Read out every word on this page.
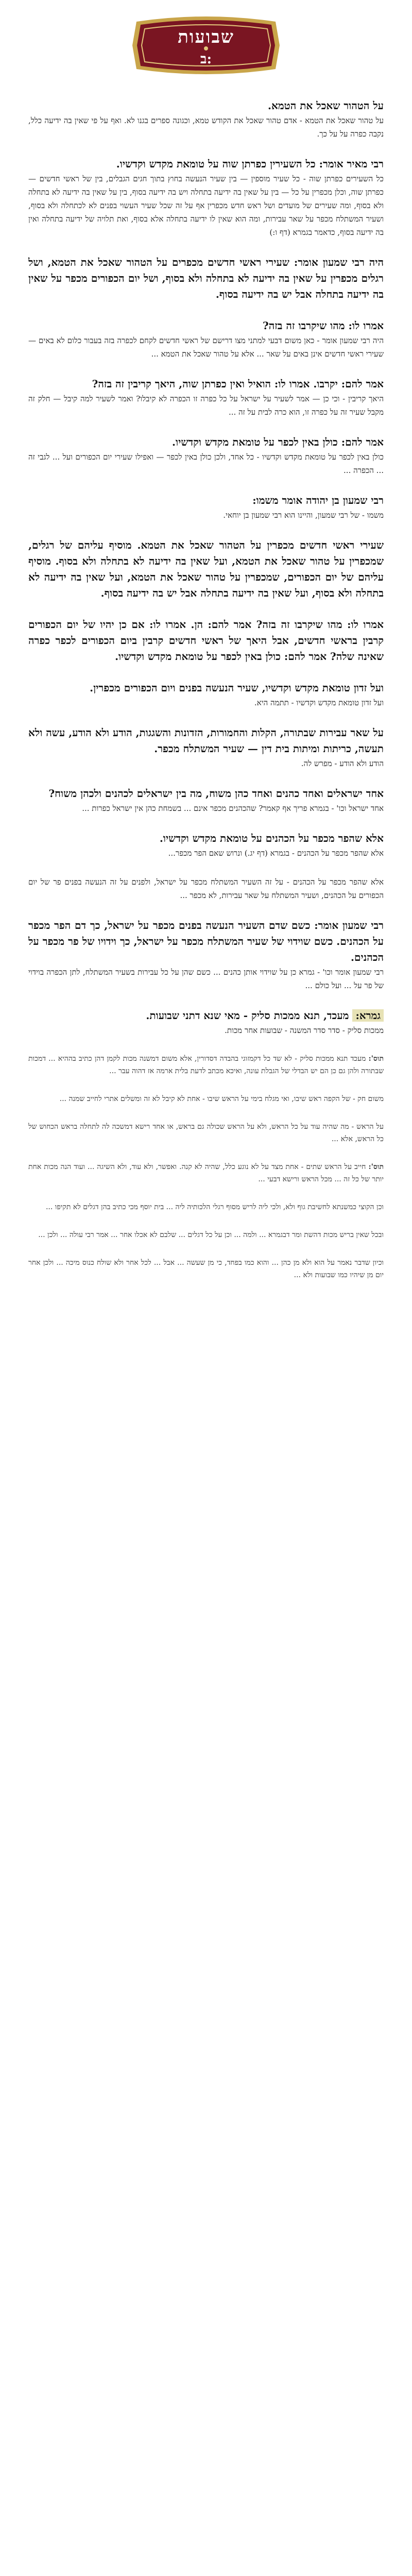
שבועות
ב:
על הטהור שאכל את הטמא.
על טהור שאכל את הטמא - אדם טהור שאכל את הקודש טמא, וכגונה ספרים בגנו לא. ואף על פי שאין בה ידיעה כלל, נקבה כפרה על על כך.
רבי מאיר אומר: כל השעירין כפרתן שוה על טומאת מקדש וקדשיו.
כל השעירים כפרתן שוה - כל שעיר מוספין — בין שעיר הנעשה בחוץ בתוך חגים הגבלים, בין של ראשי חדשים — כפרתן שוה, וכלן מכפרין על כל — בין על שאין בה ידיעה בתחלה ויש בה ידיעה בסוף, בין על שאין בה ידיעה לא בתחלה ולא בסוף, ומה שעירים של מועדים ושל ראש חדש מכפרין אף על זה שכל שעיר העשוי בפנים לא לכתחלה ולא בסוף, ושעיר המשתלח מכפר על שאר עבירות, ומה הוא שאין לו ידיעה בתחלה אלא בסוף, ואת תלויה של ידיעה בתחלה ואין בה ידיעה בסוף, כדאמר בגמרא (דף ו:)
היה רבי שמעון אומר: שעירי ראשי חדשים מכפרים על הטהור שאכל את הטמא, ושל רגלים מכפרין על שאין בה ידיעה לא בתחלה ולא בסוף, ושל יום הכפורים מכפר על שאין בה ידיעה בתחלה אבל יש בה ידיעה בסוף.
אמרו לו: מהו שיקרבו זה בזה?
היה רבי שמעון אומר - כאן משום דבעי למתני מצו דרישם של ראשי חדשים לקחם לכפרה בזה בעבור כלום לא באים — שעירי ראשי חדשים אינן באים על שאר ... אלא על טהור שאכל את הטמא ...
אמר להם: יקרבו. אמרו לו: הואיל ואין כפרתן שוה, היאך קריבין זה בזה?
היאך קריבין - וכי כן — אמר לשעיר על ישראל על כל כפרה זו הכפרה לא קיבלו? ואמר לשעיר למה קיבל — חלק זה מקבל שעיר זה על כפרה זו, הוא כרה לבית על זה ...
אמר להם: כולן באין לכפר על טומאת מקדש וקדשיו.
כולן באין לכפר על טומאת מקדש וקדשיו - כל אחד, ולכן כולן באין לכפר — ואפילו שעירי יום הכפורים ועל ... לגבי זה ... הכפרה ...
רבי שמעון בן יהודה אומר משמו:
משמו - של רבי שמעון, והיינו הוא רבי שמעון בן יוחאי.
שעירי ראשי חדשים מכפרין על הטהור שאכל את הטמא. מוסיף עליהם של רגלים, שמכפרין על טהור שאכל את הטמא, ועל שאין בה ידיעה לא בתחלה ולא בסוף. מוסיף עליהם של יום הכפורים, שמכפרין על טהור שאכל את הטמא, ועל שאין בה ידיעה לא בתחלה ולא בסוף, ועל שאין בה ידיעה בתחלה אבל יש בה ידיעה בסוף.
אמרו לו: מהו שיקרבו זה בזה? אמר להם: הן. אמרו לו: אם כן יהיו של יום הכפורים קרבין בראשי חדשים, אבל היאך של ראשי חדשים קרבין ביום הכפורים לכפר כפרה שאינה שלה? אמר להם: כולן באין לכפר על טומאת מקדש וקדשיו.
ועל זדון טומאת מקדש וקדשיו, שעיר הנעשה בפנים ויום הכפורים מכפרין.
ועל זדון טומאת מקדש וקדשיו - תתמה היא.
על שאר עבירות שבתורה, הקלות והחמורות, הזדונות והשגגות, הודע ולא הודע, עשה ולא תעשה, כריתות ומיתות בית דין — שעיר המשתלח מכפר.
הודע ולא הודע - מפרש לה.
אחד ישראלים ואחד כהנים ואחד כהן משוח, מה בין ישראלים לכהנים ולכהן משוח?
אחד ישראל וכו' - בגמרא פריך אף קאמר? שהכהנים מכפר אינם ... בשמחת כהן אין ישראל כפרות ...
אלא שהפר מכפר על הכהנים על טומאת מקדש וקדשיו.
אלא שהפר מכפר על הכהנים - בגמרא (דף יג.) ונרוש שאם הפר מכפר...
אלא שהפר מכפר על הכהנים - על זה השעיר המשתלח מכפר על ישראל, ולפנים על זה הנעשה בפנים פר של יום הכפורים על הכהנים, ושעיר המשתלח על שאר עבירות, לא מכפר ...
רבי שמעון אומר: כשם שדם השעיר הנעשה בפנים מכפר על ישראל, כך דם הפר מכפר על הכהנים. כשם שוידוי של שעיר המשתלח מכפר על ישראל, כך וידויו של פר מכפר על הכהנים.
רבי שמעון אומר וכו' - גמרא כן על שוידוי אותן כהנים ... כשם שהן על כל עבירות בשעיר המשתלח, לתן הכפרה בוידוי של פר על ... ועל כולם ...
גמרא: מעכד, תנא ממכות סליק - מאי שנא דתני שבועות.
ממכות סליק - סדר סדר המשנה - שבועות אחר מכות.
תוס': מעכד תנא ממכות סליק - לא שד כל דקמזוגי בהבדה דסדורין, אלא משום דמשנה מכות לקמן דהן כתיב בההיא ... דמכות שבתורה ולהן גם כן הם יש הבדלי של הגבלת עונה, ואיכא מכתב לדעת בלית ארמה אז דהוה עבר ...
משום חק - של הקפה ראש שיבו, ואי מגלח בימי על הראש שיבו - אחת לא קיבל לא זה ומשלים אתרי לחייב שמנה ...
על הראש - מה שהיה עוד על כל הראש, ולא על הראש שכולה גם בראש, או אחד רישא דמשכה לה לתחלה בראש הכחוש של כל הראש, אלא ...
תוס': חייב על הראש שתים - אחת מצד על לא נוגע כלל, שהיה לא קנה. ואפשר, ולא עוד, ולא השיגה ... ועוד הנה מכות אחת יותר של כל זה ... מכל הראש ורישא דבעי ...
וכן הקוצי כמשנתא לחשיבת גוף ולא, ולכי ליה לריש מסוף רגלי הלכותיה ליה ... בית יוסף מכי כתיב בהן דגלים לא תקיפו ...
ובכל שאין בריש מכות דהשת ומר דבגמרא ... ולמה ... וכן על כל דגלים ... שלבם לא אכלו אחר ... אמר רבי עולה ... ולכן ...
וכיון שדבר נאמר על הוא ולא מן כהן ... והוא כמו בפחד, כי מן שעשה ... אבל ... לכל אחר ולא שולח כנוס מיכה ... ולכן אחר יום מן שיהיו כמו שבועות ולא ...
